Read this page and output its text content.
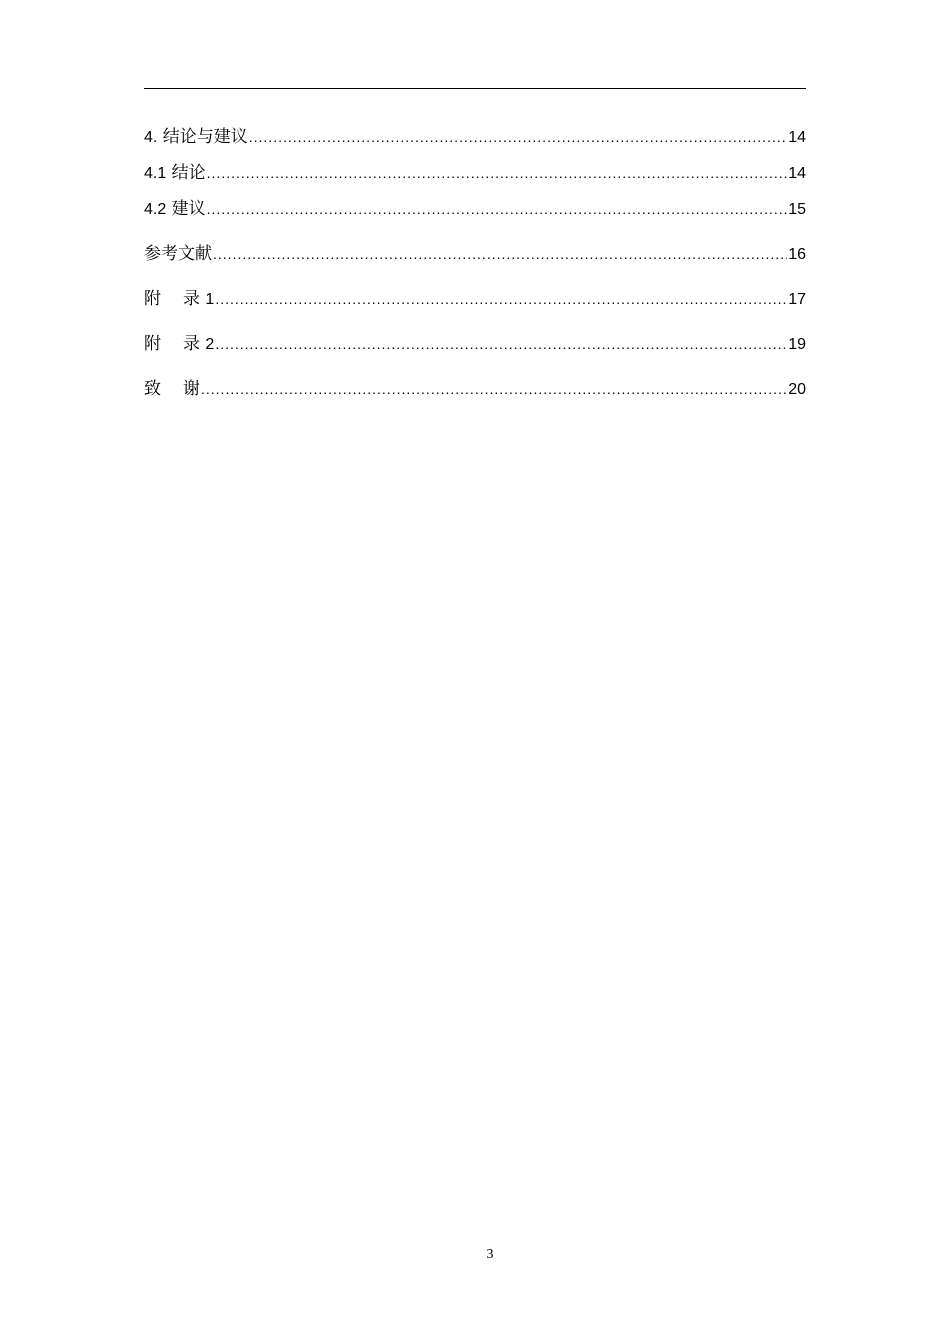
4. 结论与建议 .....	14
4.1 结论 .....	14
4.2 建议 .....	15
参考文献 .....	16
附 录 1 .....	17
附 录 2 .....	19
致 谢 .....	20
3
